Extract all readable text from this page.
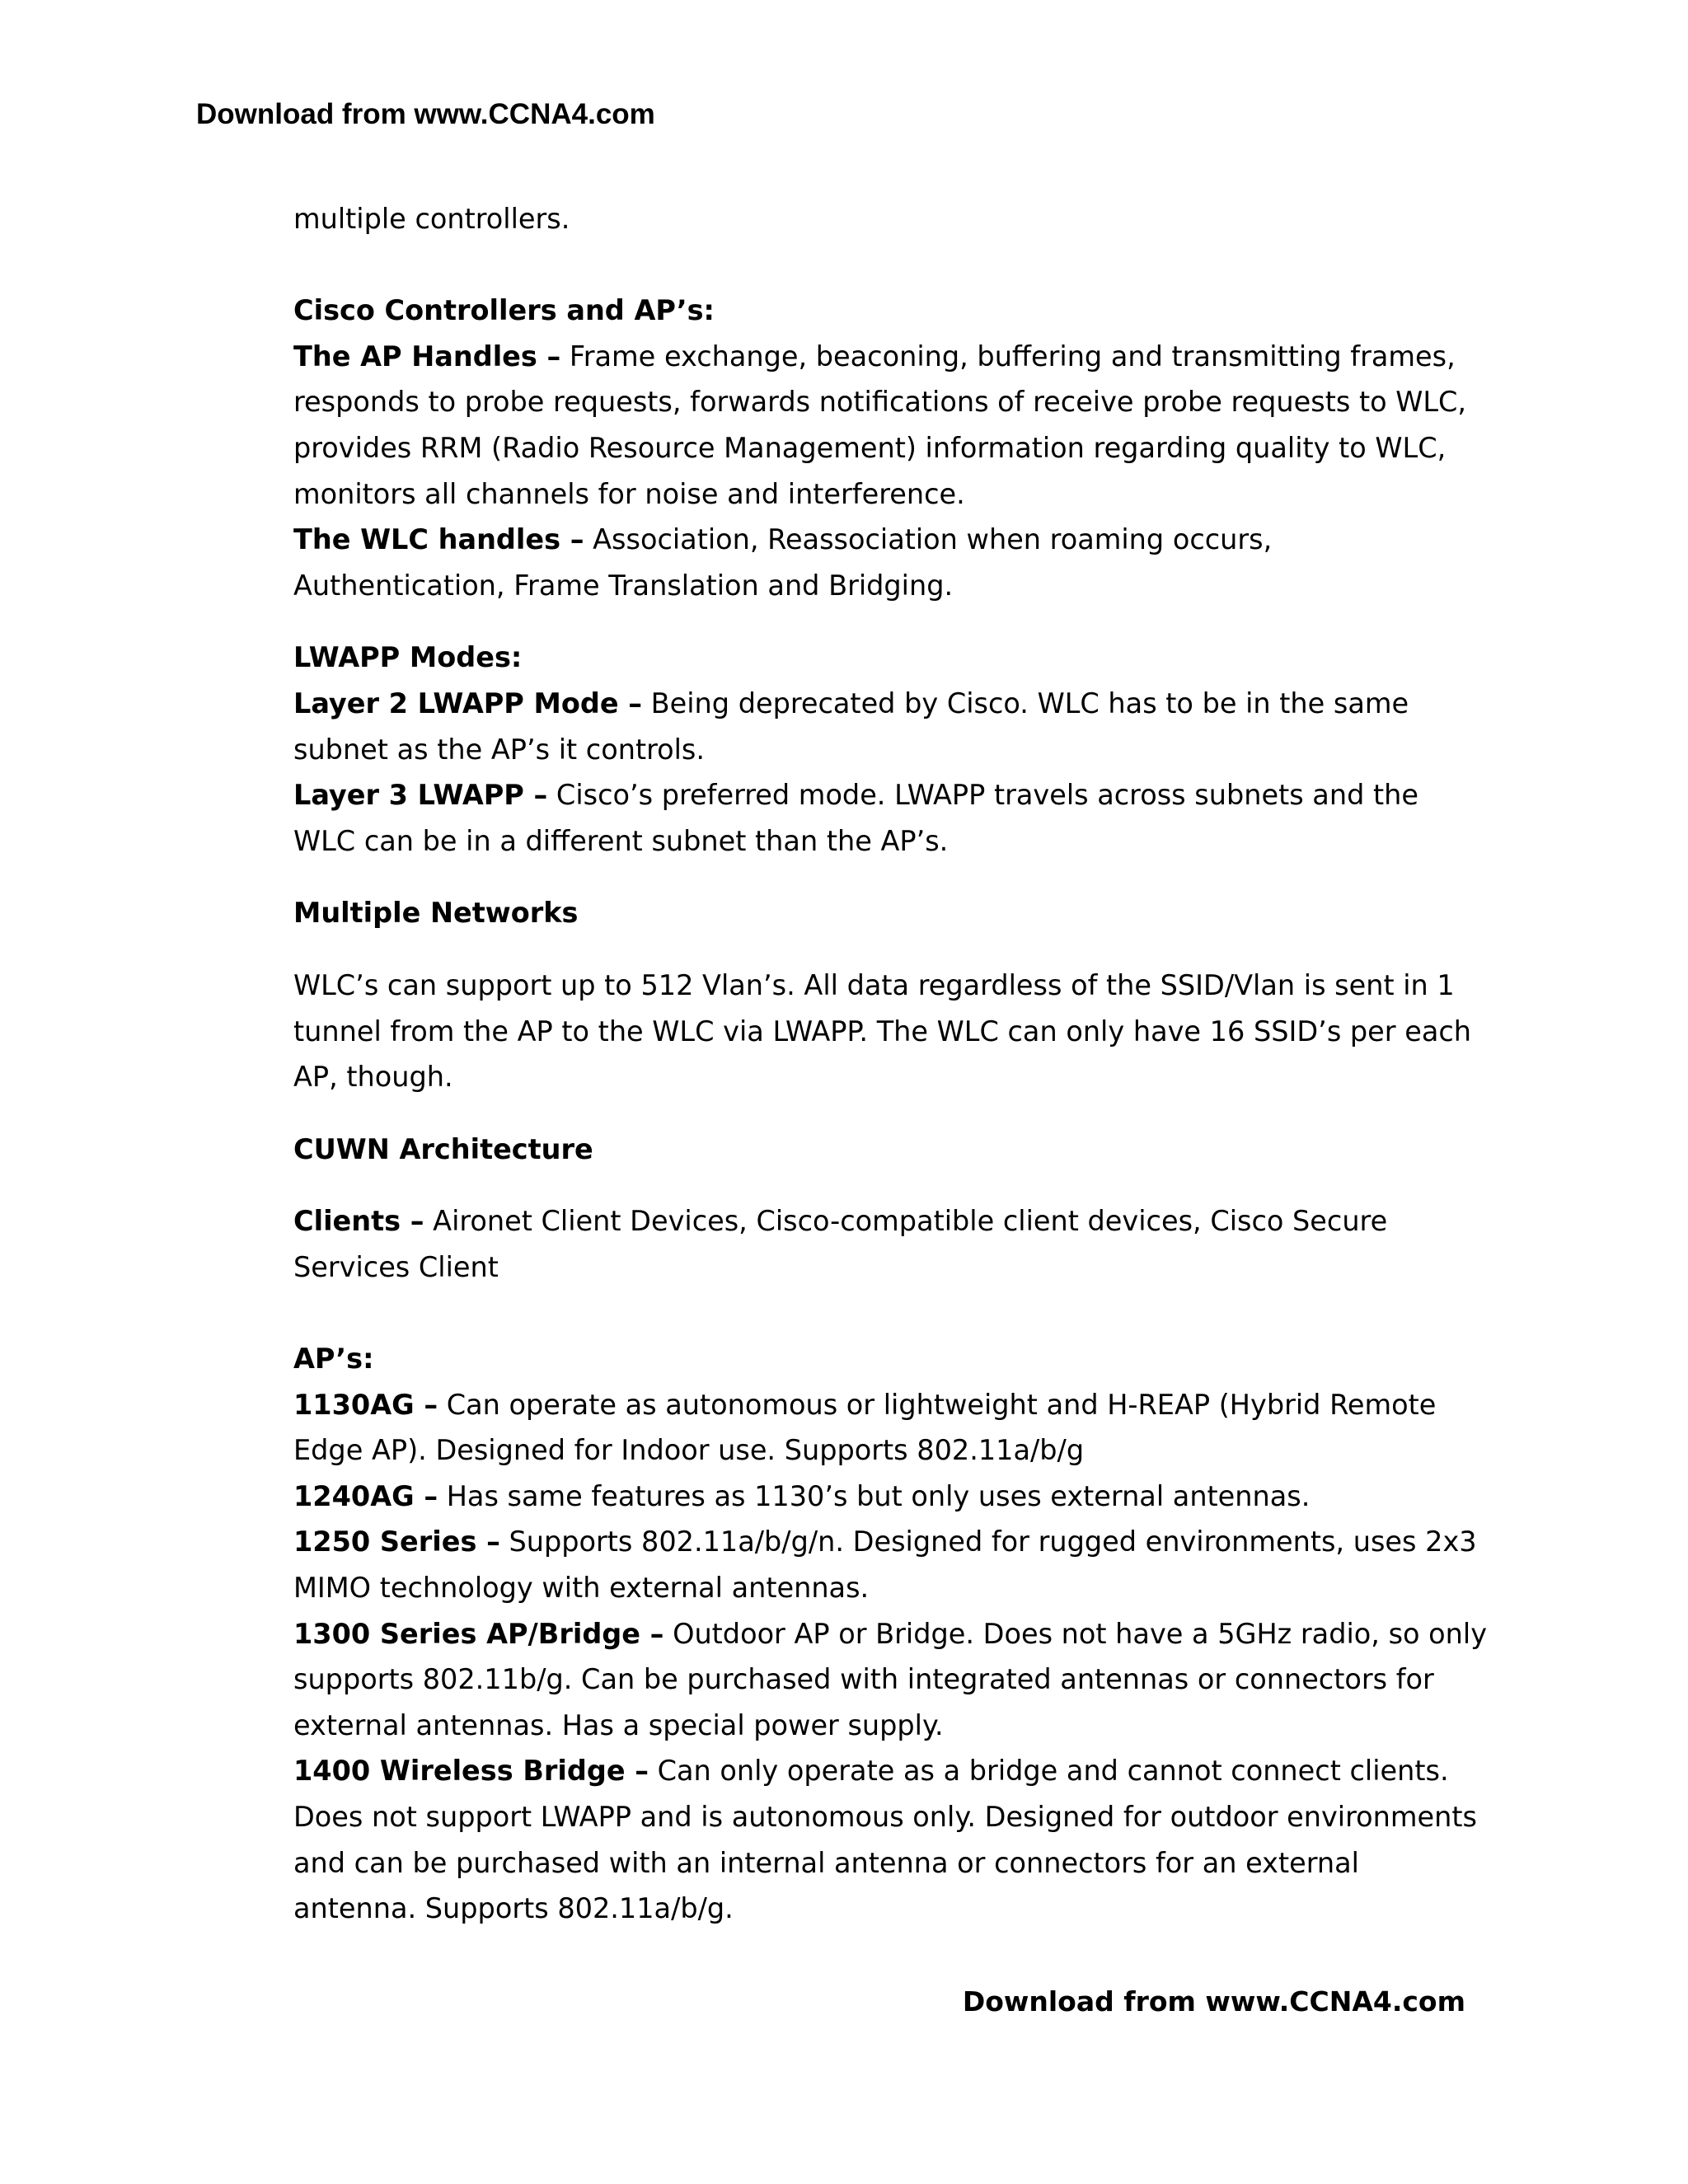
Download from www.CCNA4.com

multiple controllers.

Cisco Controllers and AP’s:

The AP Handles – Frame exchange, beaconing, buffering and transmitting frames, responds to probe requests, forwards notifications of receive probe requests to WLC, provides RRM (Radio Resource Management) information regarding quality to WLC, monitors all channels for noise and interference.

The WLC handles – Association, Reassociation when roaming occurs, Authentication, Frame Translation and Bridging.

LWAPP Modes:

Layer 2 LWAPP Mode – Being deprecated by Cisco. WLC has to be in the same subnet as the AP’s it controls.

Layer 3 LWAPP – Cisco’s preferred mode. LWAPP travels across subnets and the WLC can be in a different subnet than the AP’s.

Multiple Networks

WLC’s can support up to 512 Vlan’s. All data regardless of the SSID/Vlan is sent in 1 tunnel from the AP to the WLC via LWAPP. The WLC can only have 16 SSID’s per each AP, though.

CUWN Architecture

Clients – Aironet Client Devices, Cisco-compatible client devices, Cisco Secure Services Client

AP’s:

1130AG – Can operate as autonomous or lightweight and H-REAP (Hybrid Remote Edge AP). Designed for Indoor use. Supports 802.11a/b/g

1240AG – Has same features as 1130’s but only uses external antennas.

1250 Series – Supports 802.11a/b/g/n. Designed for rugged environments, uses 2x3 MIMO technology with external antennas.

1300 Series AP/Bridge – Outdoor AP or Bridge. Does not have a 5GHz radio, so only supports 802.11b/g. Can be purchased with integrated antennas or connectors for external antennas. Has a special power supply.

1400 Wireless Bridge – Can only operate as a bridge and cannot connect clients. Does not support LWAPP and is autonomous only. Designed for outdoor environments and can be purchased with an internal antenna or connectors for an external antenna. Supports 802.11a/b/g.

Download from www.CCNA4.com
